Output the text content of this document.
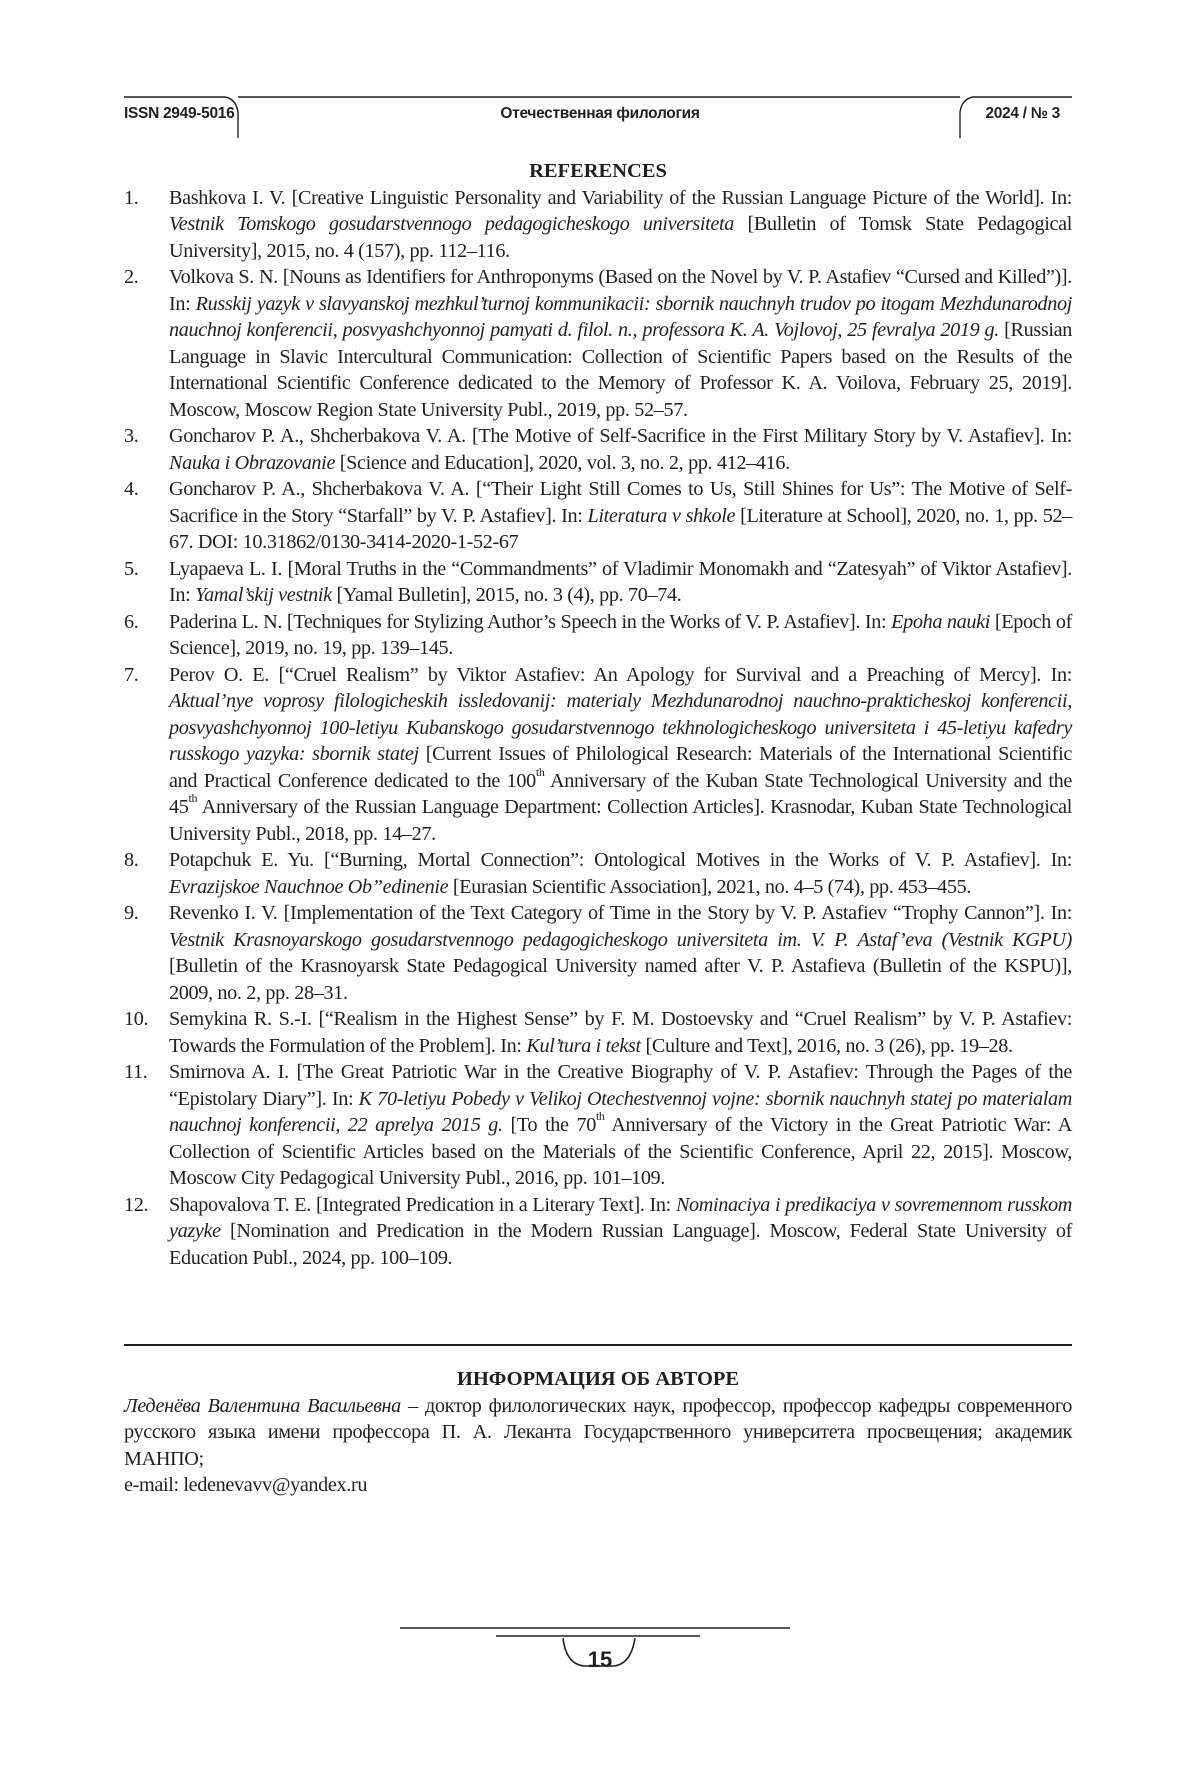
ISSN 2949-5016	Отечественная филология	2024 / № 3

REFERENCES

1. Bashkova I. V. [Creative Linguistic Personality and Variability of the Russian Language Picture of the World]. In: Vestnik Tomskogo gosudarstvennogo pedagogicheskogo universiteta [Bulletin of Tomsk State Pedagogical University], 2015, no. 4 (157), pp. 112–116.
2. Volkova S. N. [Nouns as Identifiers for Anthroponyms (Based on the Novel by V. P. Astafiev “Cursed and Killed”)]. In: Russkij yazyk v slavyanskoj mezhkul’turnoj kommunikacii: sbornik nauchnyh trudov po itogam Mezhdunarodnoj nauchnoj konferencii, posvyashchyonnoj pamyati d. filol. n., professora K. A. Vojlovoj, 25 fevralya 2019 g. [Russian Language in Slavic Intercultural Communication: Collection of Scientific Papers based on the Results of the International Scientific Conference dedicated to the Memory of Professor K. A. Voilova, February 25, 2019]. Moscow, Moscow Region State University Publ., 2019, pp. 52–57.
3. Goncharov P. A., Shcherbakova V. A. [The Motive of Self-Sacrifice in the First Military Story by V. Astafiev]. In: Nauka i Obrazovanie [Science and Education], 2020, vol. 3, no. 2, pp. 412–416.
4. Goncharov P. A., Shcherbakova V. A. [“Their Light Still Comes to Us, Still Shines for Us”: The Motive of Self-Sacrifice in the Story “Starfall” by V. P. Astafiev]. In: Literatura v shkole [Literature at School], 2020, no. 1, pp. 52–67. DOI: 10.31862/0130-3414-2020-1-52-67
5. Lyapaeva L. I. [Moral Truths in the “Commandments” of Vladimir Monomakh and “Zatesyah” of Viktor Astafiev]. In: Yamal’skij vestnik [Yamal Bulletin], 2015, no. 3 (4), pp. 70–74.
6. Paderina L. N. [Techniques for Stylizing Author’s Speech in the Works of V. P. Astafiev]. In: Epoha nauki [Epoch of Science], 2019, no. 19, pp. 139–145.
7. Perov O. E. [“Cruel Realism” by Viktor Astafiev: An Apology for Survival and a Preaching of Mercy]. In: Aktual’nye voprosy filologicheskih issledovanij: materialy Mezhdunarodnoj nauchno-prakticheskoj konferencii, posvyashchyonnoj 100-letiyu Kubanskogo gosudarstvennogo tekhnologicheskogo universiteta i 45-letiyu kafedry russkogo yazyka: sbornik statej [Current Issues of Philological Research: Materials of the International Scientific and Practical Conference dedicated to the 100th Anniversary of the Kuban State Technological University and the 45th Anniversary of the Russian Language Department: Collection Articles]. Krasnodar, Kuban State Technological University Publ., 2018, pp. 14–27.
8. Potapchuk E. Yu. [“Burning, Mortal Connection”: Ontological Motives in the Works of V. P. Astafiev]. In: Evrazijskoe Nauchnoe Ob”edinenie [Eurasian Scientific Association], 2021, no. 4–5 (74), pp. 453–455.
9. Revenko I. V. [Implementation of the Text Category of Time in the Story by V. P. Astafiev “Trophy Cannon”]. In: Vestnik Krasnoyarskogo gosudarstvennogo pedagogicheskogo universiteta im. V. P. Astaf’eva (Vestnik KGPU) [Bulletin of the Krasnoyarsk State Pedagogical University named after V. P. Astafieva (Bulletin of the KSPU)], 2009, no. 2, pp. 28–31.
10. Semykina R. S.-I. [“Realism in the Highest Sense” by F. M. Dostoevsky and “Cruel Realism” by V. P. Astafiev: Towards the Formulation of the Problem]. In: Kul’tura i tekst [Culture and Text], 2016, no. 3 (26), pp. 19–28.
11. Smirnova A. I. [The Great Patriotic War in the Creative Biography of V. P. Astafiev: Through the Pages of the “Epistolary Diary”]. In: K 70-letiyu Pobedy v Velikoj Otechestvennoj vojne: sbornik nauchnyh statej po materialam nauchnoj konferencii, 22 aprelya 2015 g. [To the 70th Anniversary of the Victory in the Great Patriotic War: A Collection of Scientific Articles based on the Materials of the Scientific Conference, April 22, 2015]. Moscow, Moscow City Pedagogical University Publ., 2016, pp. 101–109.
12. Shapovalova T. E. [Integrated Predication in a Literary Text]. In: Nominaciya i predikaciya v sovremennom russkom yazyke [Nomination and Predication in the Modern Russian Language]. Moscow, Federal State University of Education Publ., 2024, pp. 100–109.

ИНФОРМАЦИЯ ОБ АВТОРЕ

Леденёва Валентина Васильевна – доктор филологических наук, профессор, профессор кафедры современного русского языка имени профессора П. А. Леканта Государственного университета просвещения; академик МАНПО;

e-mail: ledenevavv@yandex.ru

15
